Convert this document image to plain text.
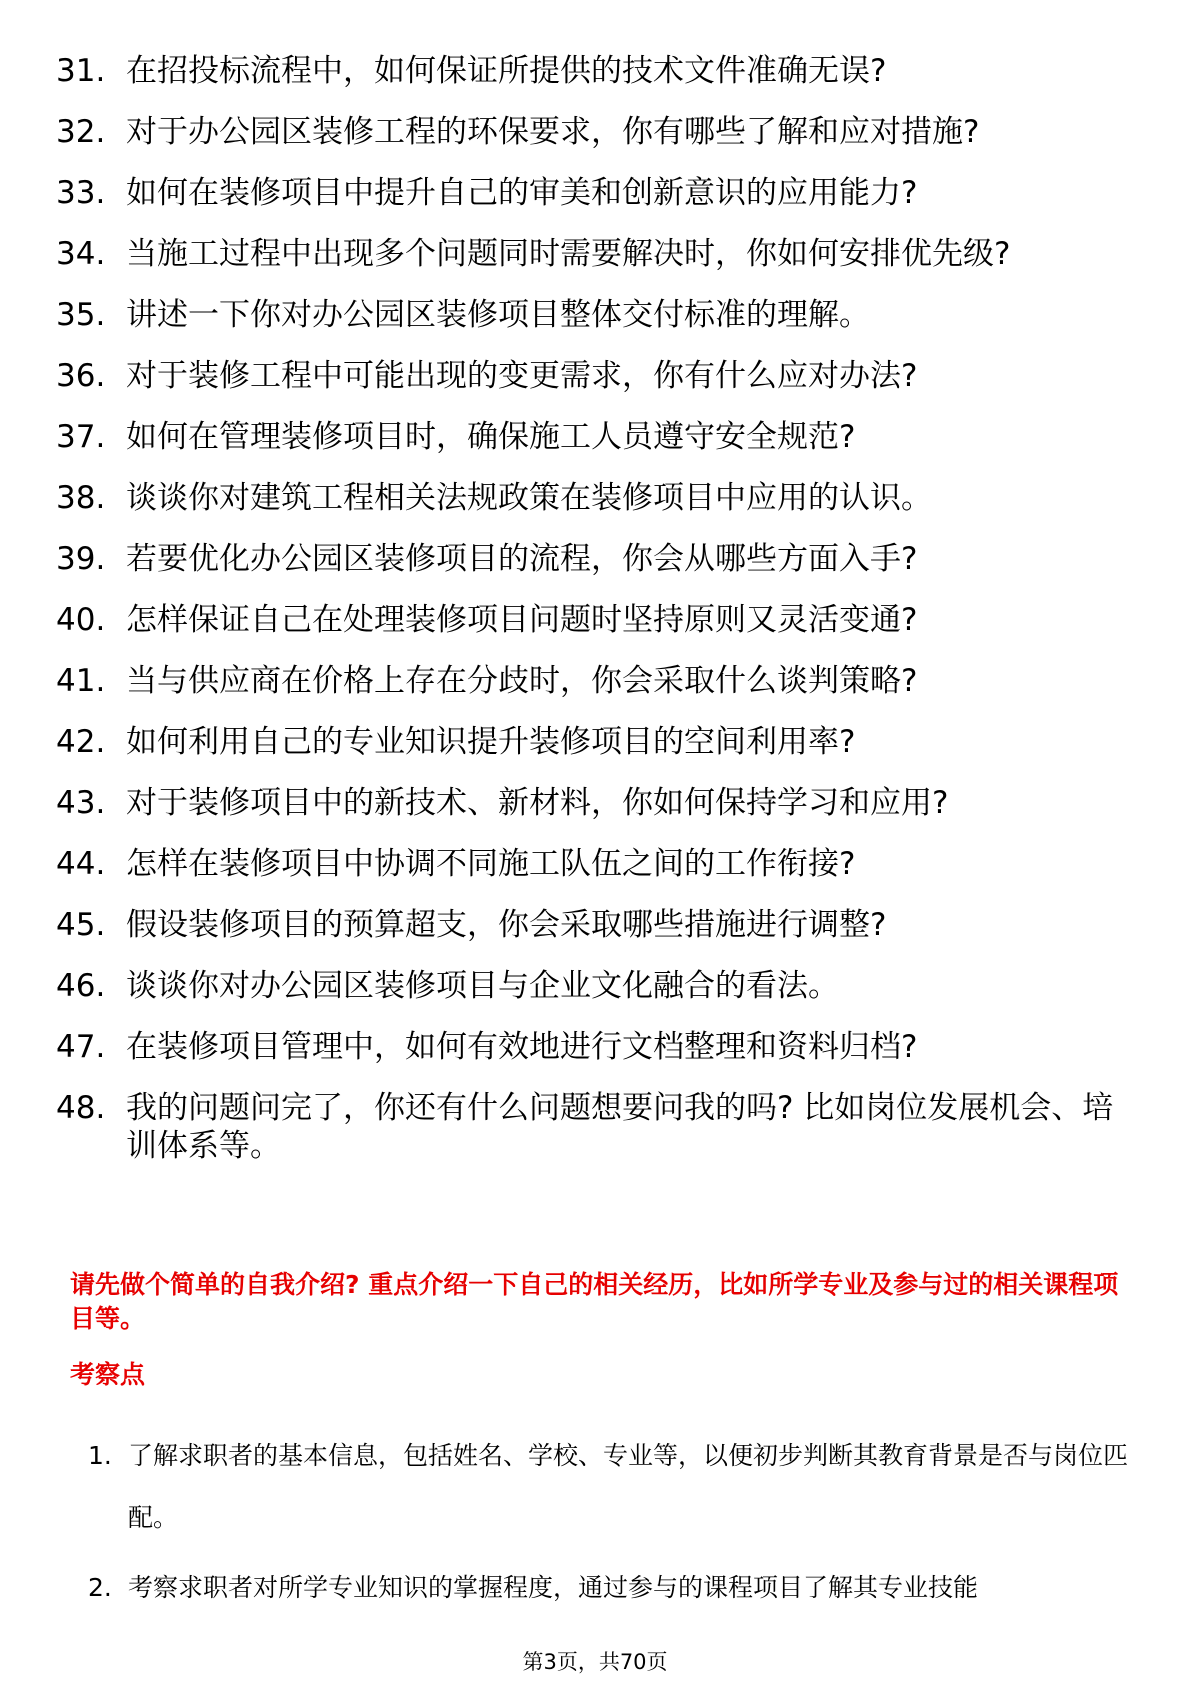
31. 在招投标流程中，如何保证所提供的技术文件准确无误?
32. 对于办公园区装修工程的环保要求，你有哪些了解和应对措施?
33. 如何在装修项目中提升自己的审美和创新意识的应用能力?
34. 当施工过程中出现多个问题同时需要解决时，你如何安排优先级?
35. 讲述一下你对办公园区装修项目整体交付标准的理解。
36. 对于装修工程中可能出现的变更需求，你有什么应对办法?
37. 如何在管理装修项目时，确保施工人员遵守安全规范?
38. 谈谈你对建筑工程相关法规政策在装修项目中应用的认识。
39. 若要优化办公园区装修项目的流程，你会从哪些方面入手?
40. 怎样保证自己在处理装修项目问题时坚持原则又灵活变通?
41. 当与供应商在价格上存在分歧时，你会采取什么谈判策略?
42. 如何利用自己的专业知识提升装修项目的空间利用率?
43. 对于装修项目中的新技术、新材料，你如何保持学习和应用?
44. 怎样在装修项目中协调不同施工队伍之间的工作衔接?
45. 假设装修项目的预算超支，你会采取哪些措施进行调整?
46. 谈谈你对办公园区装修项目与企业文化融合的看法。
47. 在装修项目管理中，如何有效地进行文档整理和资料归档?
48. 我的问题问完了，你还有什么问题想要问我的吗? 比如岗位发展机会、培训体系等。
请先做个简单的自我介绍? 重点介绍一下自己的相关经历，比如所学专业及参与过的相关课程项目等。
考察点
1. 了解求职者的基本信息，包括姓名、学校、专业等，以便初步判断其教育背景是否与岗位匹配。
2. 考察求职者对所学专业知识的掌握程度，通过参与的课程项目了解其专业技能
第3页，共70页
